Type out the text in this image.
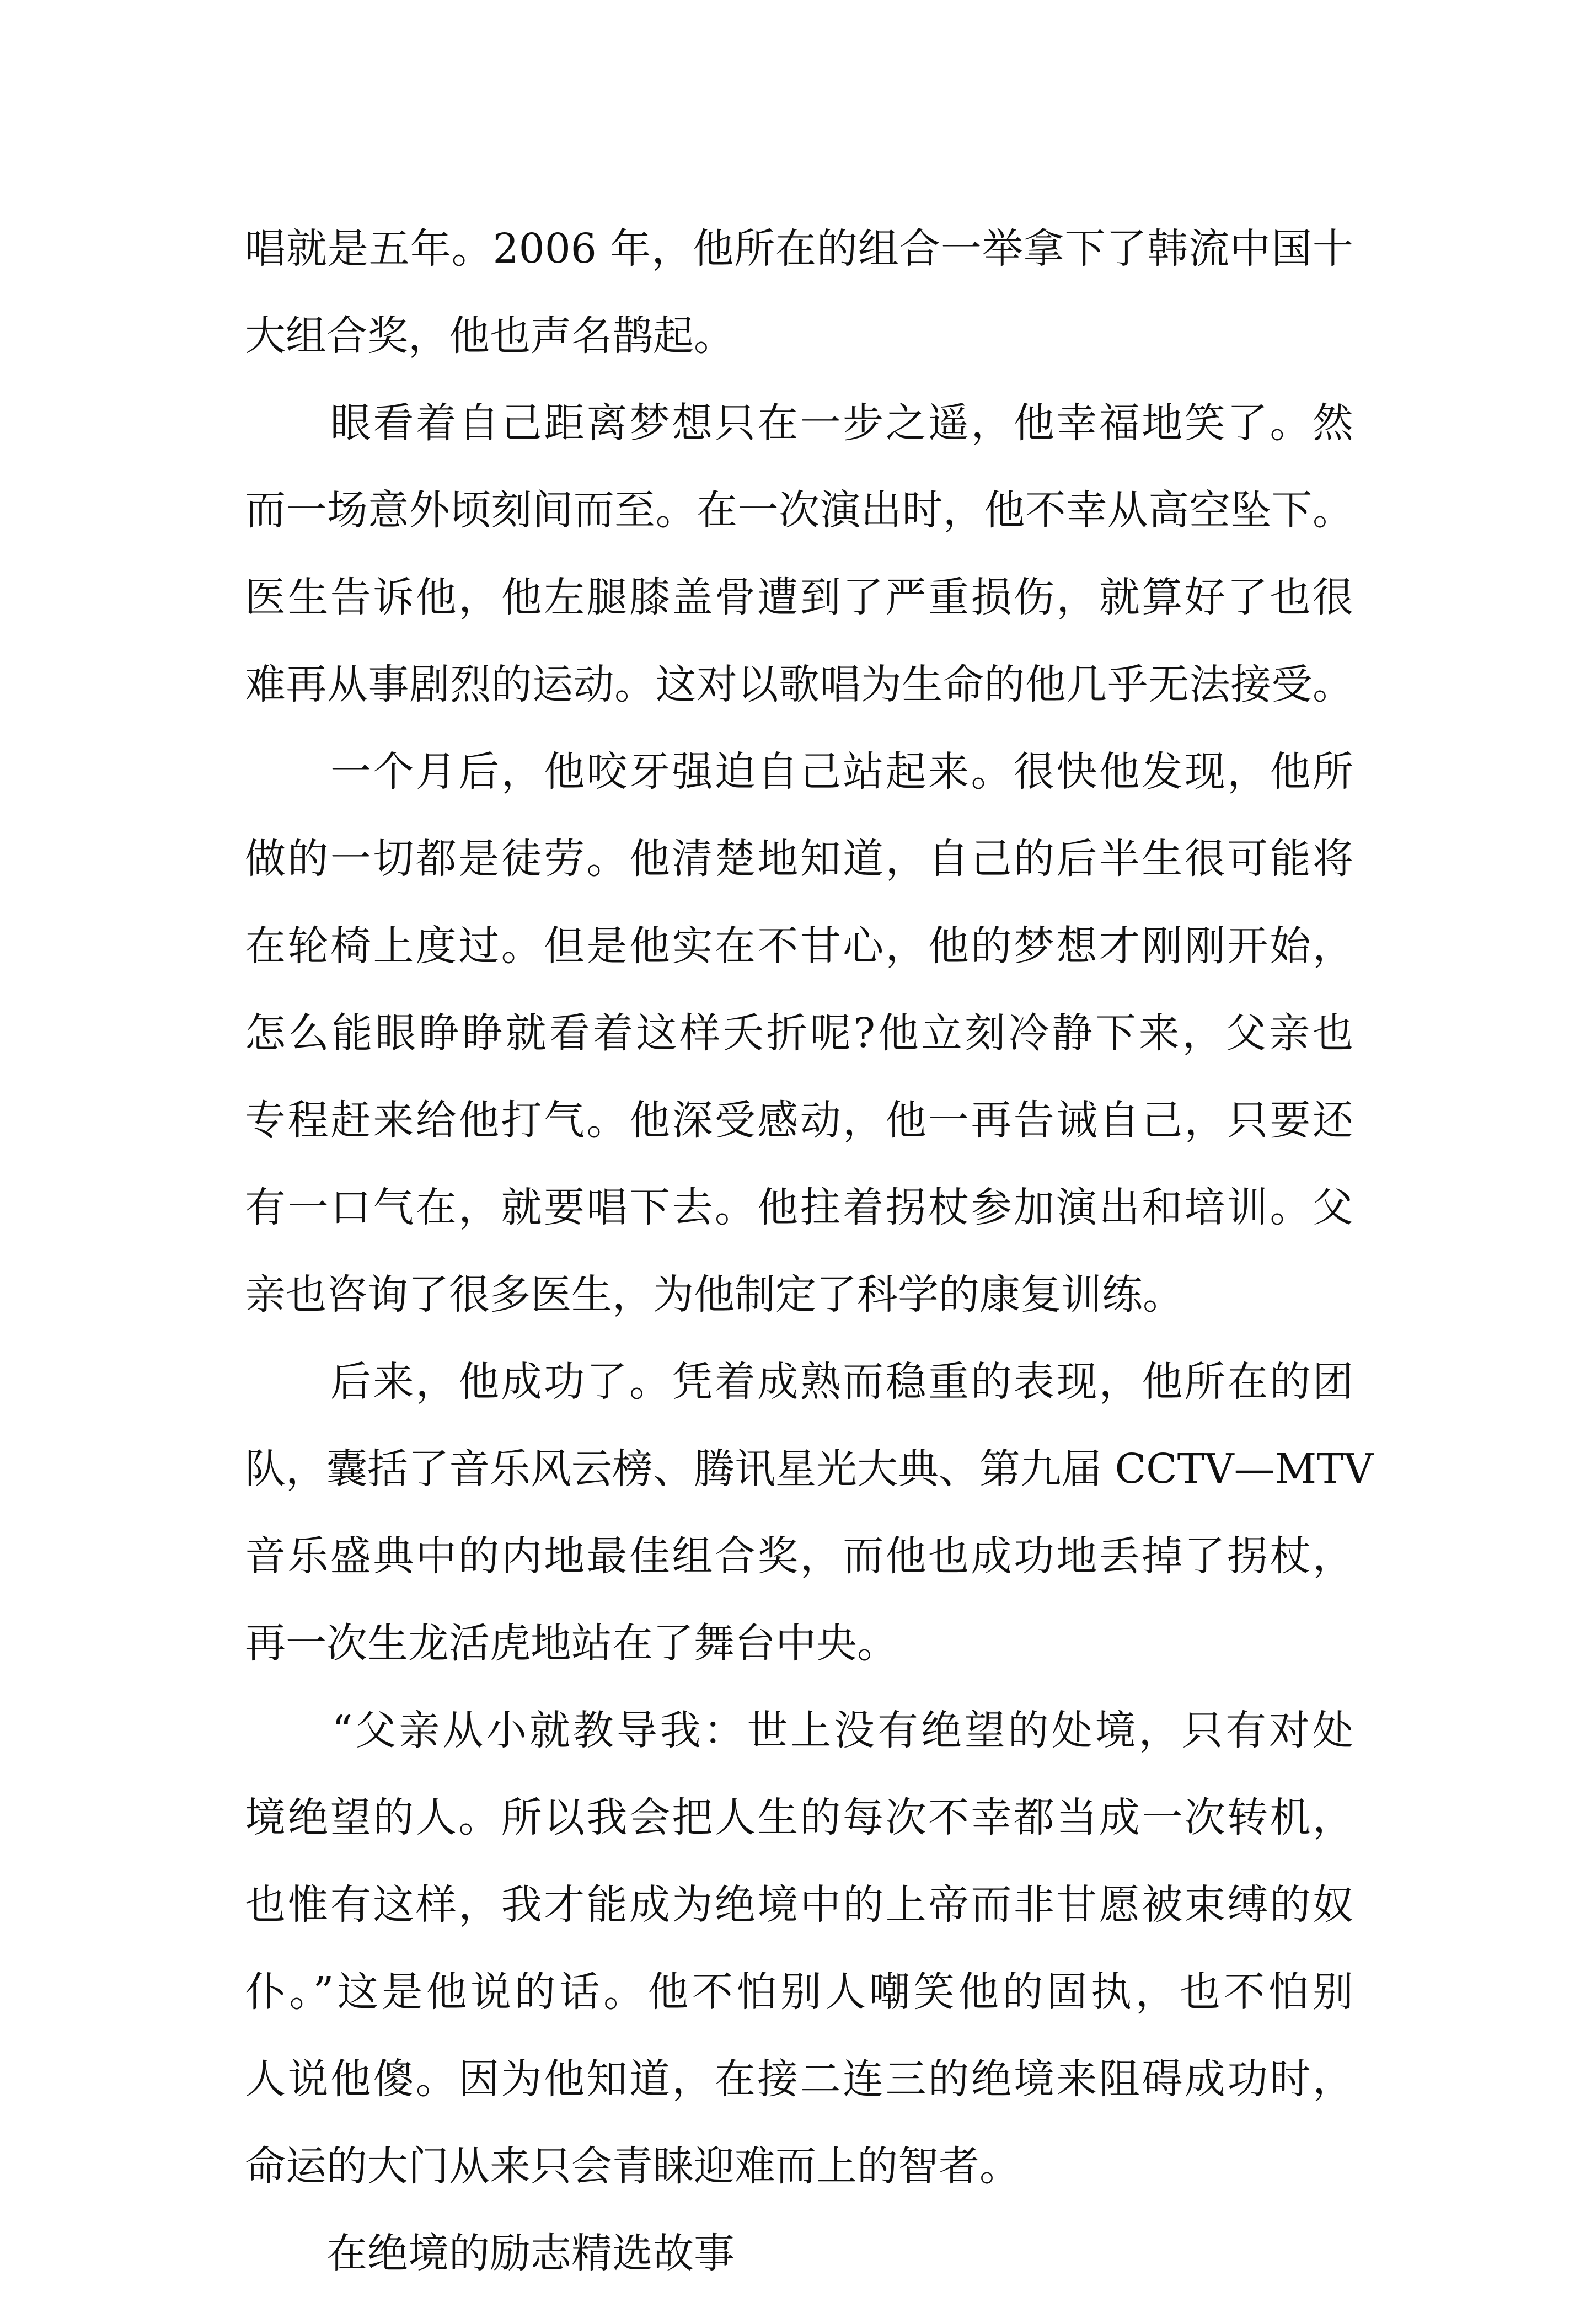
唱就是五年。2006 年，他所在的组合一举拿下了韩流中国十
大组合奖，他也声名鹊起。
　　眼看着自己距离梦想只在一步之遥，他幸福地笑了。然
而一场意外顷刻间而至。在一次演出时，他不幸从高空坠下。
医生告诉他，他左腿膝盖骨遭到了严重损伤，就算好了也很
难再从事剧烈的运动。这对以歌唱为生命的他几乎无法接受。
　　一个月后，他咬牙强迫自己站起来。很快他发现，他所
做的一切都是徒劳。他清楚地知道，自己的后半生很可能将
在轮椅上度过。但是他实在不甘心，他的梦想才刚刚开始，
怎么能眼睁睁就看着这样夭折呢?他立刻冷静下来，父亲也
专程赶来给他打气。他深受感动，他一再告诫自己，只要还
有一口气在，就要唱下去。他拄着拐杖参加演出和培训。父
亲也咨询了很多医生，为他制定了科学的康复训练。
　　后来，他成功了。凭着成熟而稳重的表现，他所在的团
队，囊括了音乐风云榜、腾讯星光大典、第九届 CCTV—MTV
音乐盛典中的内地最佳组合奖，而他也成功地丢掉了拐杖，
再一次生龙活虎地站在了舞台中央。
　　“父亲从小就教导我：世上没有绝望的处境，只有对处
境绝望的人。所以我会把人生的每次不幸都当成一次转机，
也惟有这样，我才能成为绝境中的上帝而非甘愿被束缚的奴
仆。”这是他说的话。他不怕别人嘲笑他的固执，也不怕别
人说他傻。因为他知道，在接二连三的绝境来阻碍成功时，
命运的大门从来只会青睐迎难而上的智者。
　　在绝境的励志精选故事
